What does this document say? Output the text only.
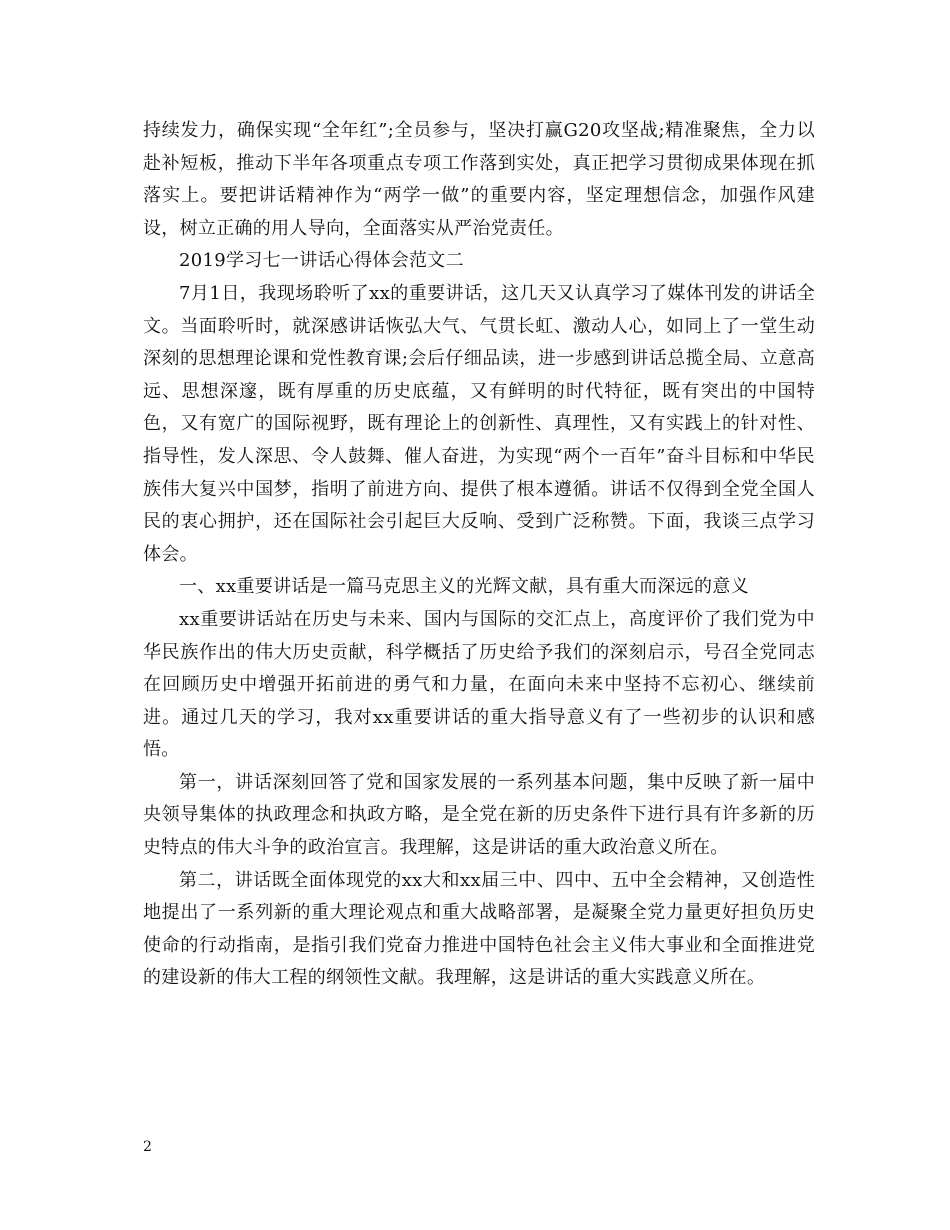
持续发力，确保实现“全年红”;全员参与，坚决打赢G20攻坚战;精准聚焦，全力以赴补短板，推动下半年各项重点专项工作落到实处，真正把学习贯彻成果体现在抓落实上。要把讲话精神作为“两学一做”的重要内容，坚定理想信念，加强作风建设，树立正确的用人导向，全面落实从严治党责任。

2019学习七一讲话心得体会范文二

7月1日，我现场聆听了xx的重要讲话，这几天又认真学习了媒体刊发的讲话全文。当面聆听时，就深感讲话恢弘大气、气贯长虹、激动人心，如同上了一堂生动深刻的思想理论课和党性教育课;会后仔细品读，进一步感到讲话总揽全局、立意高远、思想深邃，既有厚重的历史底蕴，又有鲜明的时代特征，既有突出的中国特色，又有宽广的国际视野，既有理论上的创新性、真理性，又有实践上的针对性、指导性，发人深思、令人鼓舞、催人奋进，为实现“两个一百年”奋斗目标和中华民族伟大复兴中国梦，指明了前进方向、提供了根本遵循。讲话不仅得到全党全国人民的衷心拥护，还在国际社会引起巨大反响、受到广泛称赞。下面，我谈三点学习体会。

一、xx重要讲话是一篇马克思主义的光辉文献，具有重大而深远的意义

xx重要讲话站在历史与未来、国内与国际的交汇点上，高度评价了我们党为中华民族作出的伟大历史贡献，科学概括了历史给予我们的深刻启示，号召全党同志在回顾历史中增强开拓前进的勇气和力量，在面向未来中坚持不忘初心、继续前进。通过几天的学习，我对xx重要讲话的重大指导意义有了一些初步的认识和感悟。

第一，讲话深刻回答了党和国家发展的一系列基本问题，集中反映了新一届中央领导集体的执政理念和执政方略，是全党在新的历史条件下进行具有许多新的历史特点的伟大斗争的政治宣言。我理解，这是讲话的重大政治意义所在。

第二，讲话既全面体现党的xx大和xx届三中、四中、五中全会精神，又创造性地提出了一系列新的重大理论观点和重大战略部署，是凝聚全党力量更好担负历史使命的行动指南，是指引我们党奋力推进中国特色社会主义伟大事业和全面推进党的建设新的伟大工程的纲领性文献。我理解，这是讲话的重大实践意义所在。

2
